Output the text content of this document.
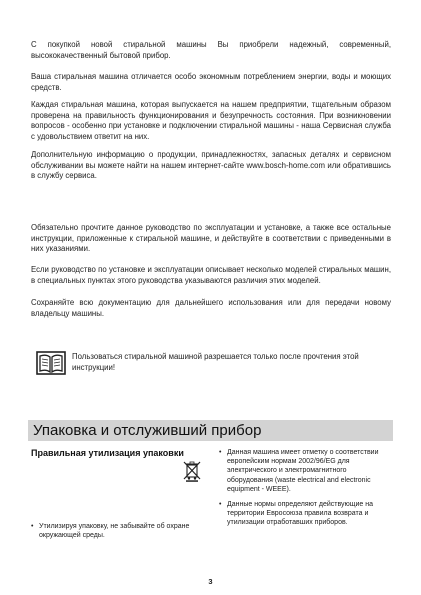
С покупкой новой стиральной машины Вы приобрели надежный, современный, высококачественный бытовой прибор.

Ваша стиральная машина отличается особо экономным потреблением энергии, воды и моющих средств.

Каждая стиральная машина, которая выпускается на нашем предприятии, тщательным образом проверена на правильность функционирования и безупречность состояния. При возникновении вопросов - особенно при установке и подключении стиральной машины - наша Сервисная служба с удовольствием ответит на них.

Дополнительную информацию о продукции, принадлежностях, запасных деталях и сервисном обслуживании вы можете найти на нашем интернет-сайте www.bosch-home.com или обратившись в службу сервиса.

Обязательно прочтите данное руководство по эксплуатации и установке, а также все остальные инструкции, приложенные к стиральной машине, и действуйте в соответствии с приведенными в них указаниями.

Если руководство по установке и эксплуатации описывает несколько моделей стиральных машин, в специальных пунктах этого руководства указываются различия этих моделей.

Сохраняйте всю документацию для дальнейшего использования или для передачи новому владельцу машины.

Пользоваться стиральной машиной разрешается только после прочтения этой инструкции!

Упаковка и отслуживший прибор
Правильная утилизация упаковки
• Утилизируя упаковку, не забывайте об охране окружающей среды.
• Данная машина имеет отметку о соответствии европейским нормам 2002/96/EG для электрического и электромагнитного оборудования (waste electrical and electronic equipment - WEEE).
• Данные нормы определяют действующие на территории Евросоюза правила возврата и утилизации отработавших приборов.

3
